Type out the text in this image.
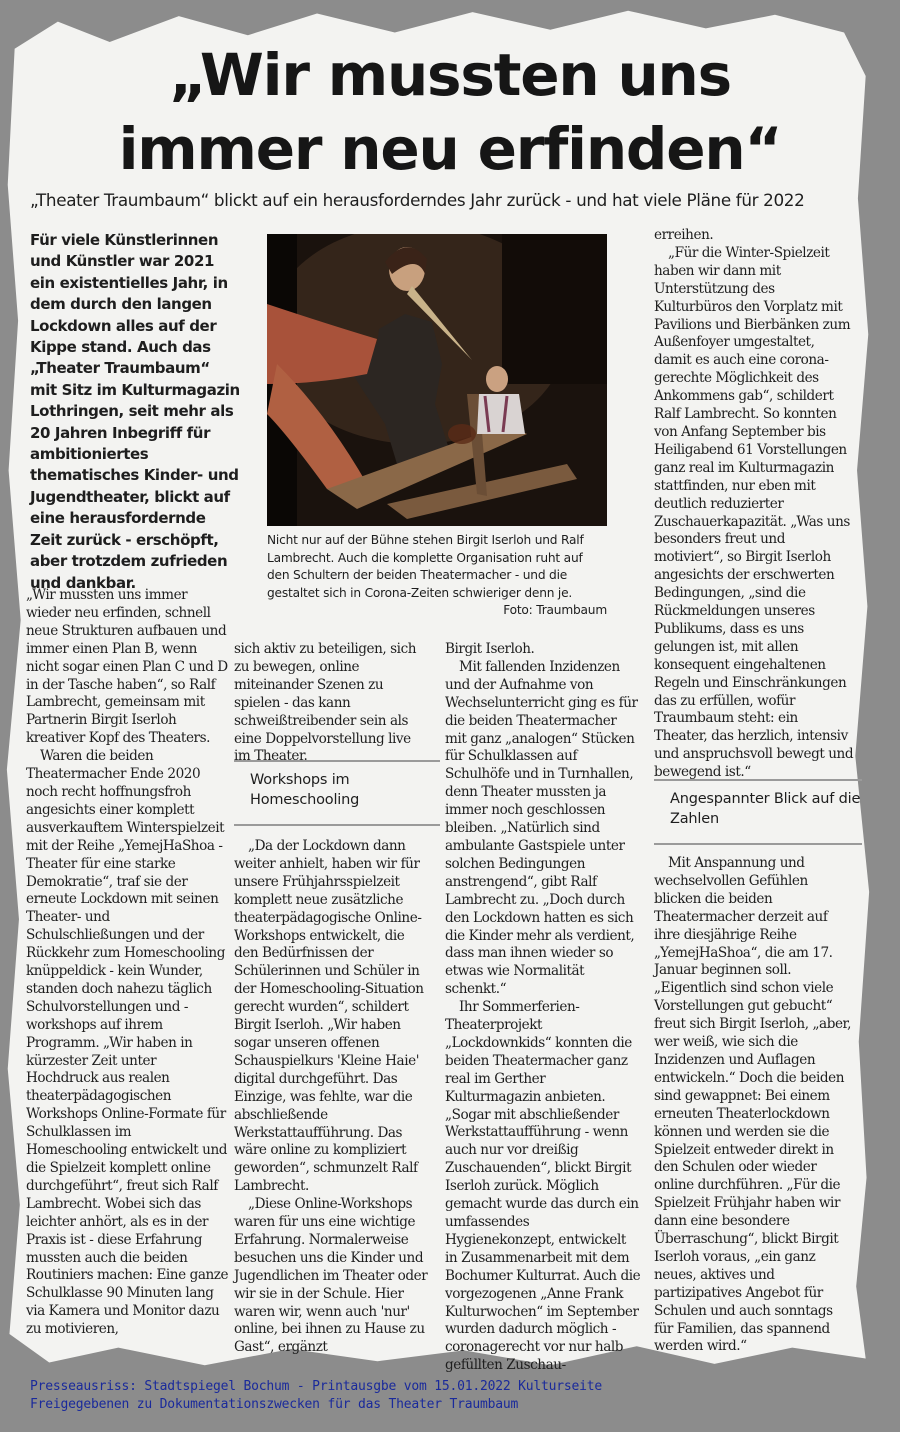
„Wir mussten uns
immer neu erfinden“

„Theater Traumbaum“ blickt auf ein herausforderndes Jahr zurück - und hat viele Pläne für 2022

Für viele Künstlerinnen und Künstler war 2021 ein existentielles Jahr, in dem durch den langen Lockdown alles auf der Kippe stand. Auch das „Theater Traumbaum“ mit Sitz im Kulturmagazin Lothringen, seit mehr als 20 Jahren Inbegriff für ambitioniertes thematisches Kinder- und Jugendtheater, blickt auf eine herausfordernde Zeit zurück - erschöpft, aber trotzdem zufrieden und dankbar.

Nicht nur auf der Bühne stehen Birgit Iserloh und Ralf Lambrecht. Auch die komplette Organisation ruht auf den Schultern der beiden Theatermacher - und die gestaltet sich in Corona-Zeiten schwieriger denn je.

Foto: Traumbaum

„Wir mussten uns immer wieder neu erfinden, schnell neue Strukturen aufbauen und immer einen Plan B, wenn nicht sogar einen Plan C und D in der Tasche haben“, so Ralf Lambrecht, gemeinsam mit Partnerin Birgit Iserloh kreativer Kopf des Theaters.

Waren die beiden Theatermacher Ende 2020 noch recht hoffnungsfroh angesichts einer komplett ausverkauftem Winterspielzeit mit der Reihe „YemejHaShoa - Theater für eine starke Demokratie“, traf sie der erneute Lockdown mit seinen Theater- und Schulschließungen und der Rückkehr zum Homeschooling knüppeldick - kein Wunder, standen doch nahezu täglich Schulvorstellungen und -workshops auf ihrem Programm. „Wir haben in kürzester Zeit unter Hochdruck aus realen theaterpädagogischen Workshops Online-Formate für Schulklassen im Homeschooling entwickelt und die Spielzeit komplett online durchgeführt“, freut sich Ralf Lambrecht. Wobei sich das leichter anhört, als es in der Praxis ist - diese Erfahrung mussten auch die beiden Routiniers machen: Eine ganze Schulklasse 90 Minuten lang via Kamera und Monitor dazu zu motivieren,

sich aktiv zu beteiligen, sich zu bewegen, online miteinander Szenen zu spielen - das kann schweißtreibender sein als eine Doppelvorstellung live im Theater.

Workshops im Homeschooling

„Da der Lockdown dann weiter anhielt, haben wir für unsere Frühjahrsspielzeit komplett neue zusätzliche theaterpädagogische Online-Workshops entwickelt, die den Bedürfnissen der Schülerinnen und Schüler in der Homeschooling-Situation gerecht wurden“, schildert Birgit Iserloh. „Wir haben sogar unseren offenen Schauspielkurs 'Kleine Haie' digital durchgeführt. Das Einzige, was fehlte, war die abschließende Werkstattaufführung. Das wäre online zu kompliziert geworden“, schmunzelt Ralf Lambrecht.

„Diese Online-Workshops waren für uns eine wichtige Erfahrung. Normalerweise besuchen uns die Kinder und Jugendlichen im Theater oder wir sie in der Schule. Hier waren wir, wenn auch 'nur' online, bei ihnen zu Hause zu Gast“, ergänzt

Birgit Iserloh.

Mit fallenden Inzidenzen und der Aufnahme von Wechselunterricht ging es für die beiden Theatermacher mit ganz „analogen“ Stücken für Schulklassen auf Schulhöfe und in Turnhallen, denn Theater mussten ja immer noch geschlossen bleiben. „Natürlich sind ambulante Gastspiele unter solchen Bedingungen anstrengend“, gibt Ralf Lambrecht zu. „Doch durch den Lockdown hatten es sich die Kinder mehr als verdient, dass man ihnen wieder so etwas wie Normalität schenkt.“

Ihr Sommerferien-Theaterprojekt „Lockdownkids“ konnten die beiden Theatermacher ganz real im Gerther Kulturmagazin anbieten. „Sogar mit abschließender Werkstattaufführung - wenn auch nur vor dreißig Zuschauenden“, blickt Birgit Iserloh zurück. Möglich gemacht wurde das durch ein umfassendes Hygienekonzept, entwickelt in Zusammenarbeit mit dem Bochumer Kulturrat. Auch die vorgezogenen „Anne Frank Kulturwochen“ im September wurden dadurch möglich - coronagerecht vor nur halb gefüllten Zuschau-

erreihen.

„Für die Winter-Spielzeit haben wir dann mit Unterstützung des Kulturbüros den Vorplatz mit Pavilions und Bierbänken zum Außenfoyer umgestaltet, damit es auch eine corona-gerechte Möglichkeit des Ankommens gab“, schildert Ralf Lambrecht. So konnten von Anfang September bis Heiligabend 61 Vorstellungen ganz real im Kulturmagazin stattfinden, nur eben mit deutlich reduzierter Zuschauerkapazität. „Was uns besonders freut und motiviert“, so Birgit Iserloh angesichts der erschwerten Bedingungen, „sind die Rückmeldungen unseres Publikums, dass es uns gelungen ist, mit allen konsequent eingehaltenen Regeln und Einschränkungen das zu erfüllen, wofür Traumbaum steht: ein Theater, das herzlich, intensiv und anspruchsvoll bewegt und bewegend ist.“

Angespannter Blick auf die Zahlen

Mit Anspannung und wechselvollen Gefühlen blicken die beiden Theatermacher derzeit auf ihre diesjährige Reihe „YemejHaShoa“, die am 17. Januar beginnen soll. „Eigentlich sind schon viele Vorstellungen gut gebucht“ freut sich Birgit Iserloh, „aber, wer weiß, wie sich die Inzidenzen und Auflagen entwickeln.“ Doch die beiden sind gewappnet: Bei einem erneuten Theaterlockdown können und werden sie die Spielzeit entweder direkt in den Schulen oder wieder online durchführen. „Für die Spielzeit Frühjahr haben wir dann eine besondere Überraschung“, blickt Birgit Iserloh voraus, „ein ganz neues, aktives und partizipatives Angebot für Schulen und auch sonntags für Familien, das spannend werden wird.“

Presseausriss: Stadtspiegel Bochum - Printausgbe vom 15.01.2022 Kulturseite
Freigegebenen zu Dokumentationszwecken für das Theater Traumbaum
